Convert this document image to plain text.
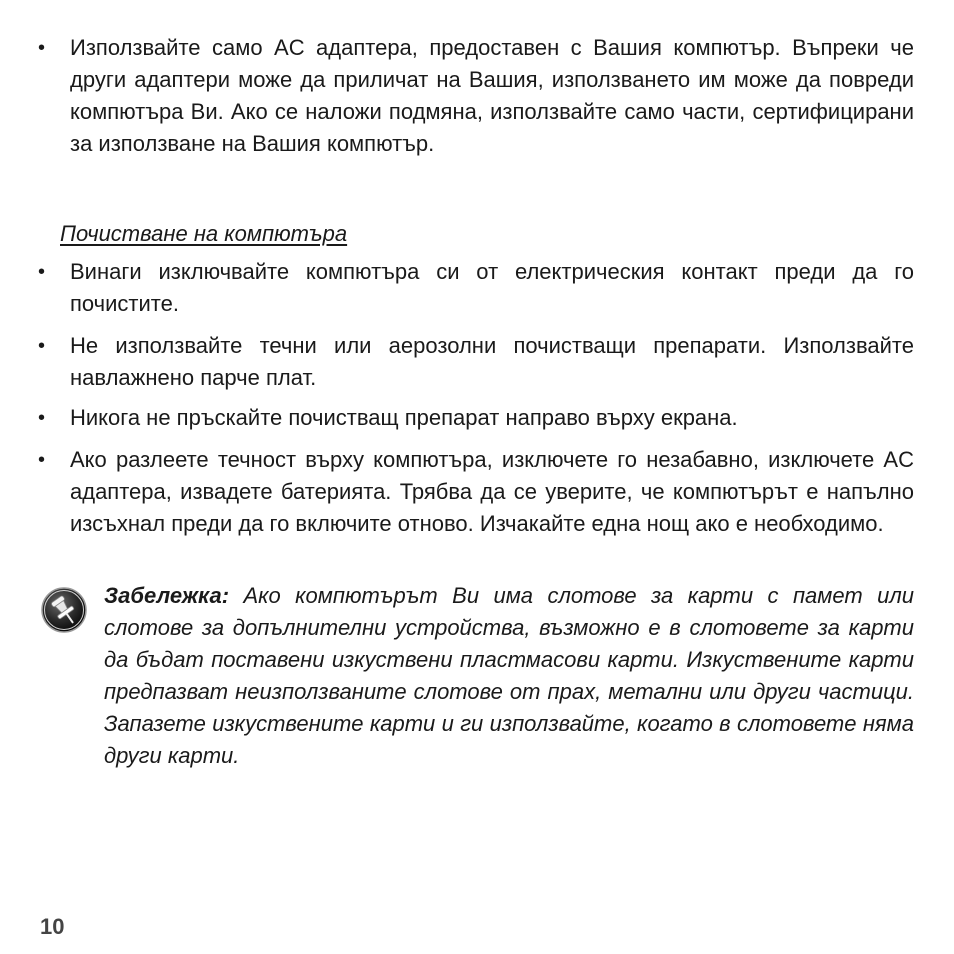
•	Използвайте само AC адаптера, предоставен с Вашия компютър. Въпреки че други адаптери може да приличат на Вашия, използването им може да повреди компютъра Ви. Ако се наложи подмяна, използвайте само части, сертифицирани за използване на Вашия компютър.
Почистване на компютъра
•	Винаги изключвайте компютъра си от електрическия контакт преди да го почистите.
•	Не използвайте течни или аерозолни почистващи препарати. Използвайте навлажнено парче плат.
•	Никога не пръскайте почистващ препарат направо върху екрана.
•	Ако разлеете течност върху компютъра, изключете го незабавно, изключете AC адаптера, извадете батерията. Трябва да се уверите, че компютърът е напълно изсъхнал преди да го включите отново. Изчакайте една нощ ако е необходимо.
Забележка: Ако компютърът Ви има слотове за карти с памет или слотове за допълнителни устройства, възможно е в слотовете за карти да бъдат поставени изкуствени пластмасови карти. Изкуствените карти предпазват неизползваните слотове от прах, метални или други частици. Запазете изкуствените карти и ги използвайте, когато в слотовете няма други карти.
10
